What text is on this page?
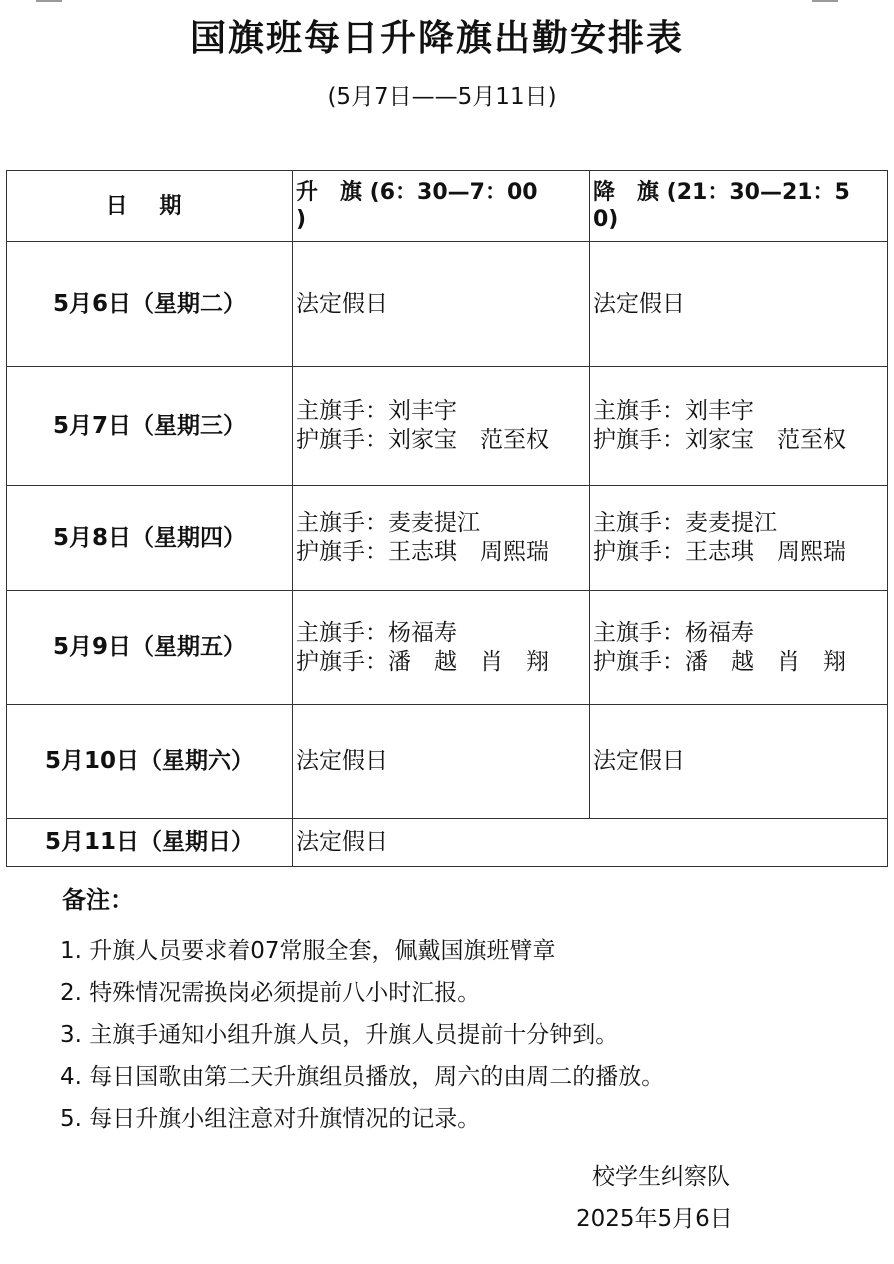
国旗班每日升降旗出勤安排表
(5月7日——5月11日)
日 期	升　旗 (6：30—7：00
)	降　旗 (21：30—21：5
0)

5月6日（星期二）	法定假日	法定假日

5月7日（星期三）	主旗手：刘丰宇
护旗手：刘家宝　范至权	主旗手：刘丰宇
护旗手：刘家宝　范至权

5月8日（星期四）	主旗手：麦麦提江
护旗手：王志琪　周熙瑞	主旗手：麦麦提江
护旗手：王志琪　周熙瑞

5月9日（星期五）	主旗手：杨福寿
护旗手：潘　越　肖　翔	主旗手：杨福寿
护旗手：潘　越　肖　翔

5月10日（星期六）	法定假日	法定假日

5月11日（星期日）	法定假日	
备注：
1. 升旗人员要求着07常服全套，佩戴国旗班臂章
2. 特殊情况需换岗必须提前八小时汇报。
3. 主旗手通知小组升旗人员，升旗人员提前十分钟到。
4. 每日国歌由第二天升旗组员播放，周六的由周二的播放。
5. 每日升旗小组注意对升旗情况的记录。
校学生纠察队
2025年5月6日
